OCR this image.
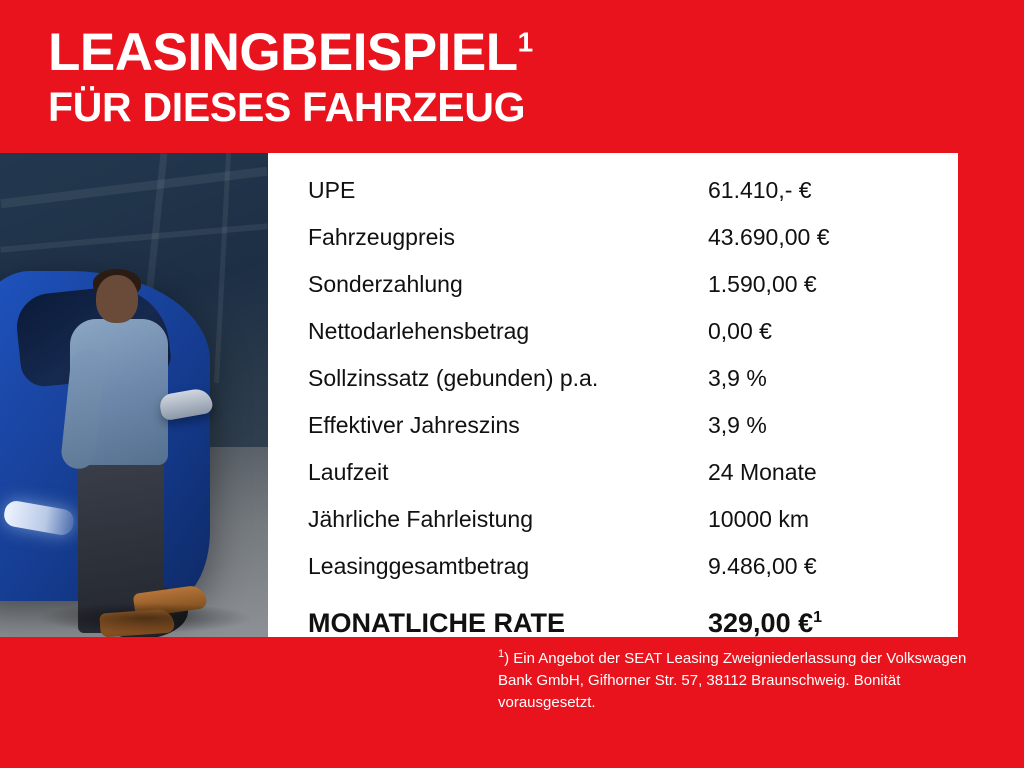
LEASINGBEISPIEL$^1$
FÜR DIESES FAHRZEUG
UPE	61.410,- €
Fahrzeugpreis	43.690,00 €
Sonderzahlung	1.590,00 €
Nettodarlehensbetrag	0,00 €
Sollzinssatz (gebunden) p.a.	3,9 %
Effektiver Jahreszins	3,9 %
Laufzeit	24 Monate
Jährliche Fahrleistung	10000 km
Leasinggesamtbetrag	9.486,00 €
MONATLICHE RATE	329,00 €$^1$
$^1$) Ein Angebot der SEAT Leasing Zweigniederlassung der Volkswagen Bank GmbH, Gifhorner Str. 57, 38112 Braunschweig. Bonität vorausgesetzt.
